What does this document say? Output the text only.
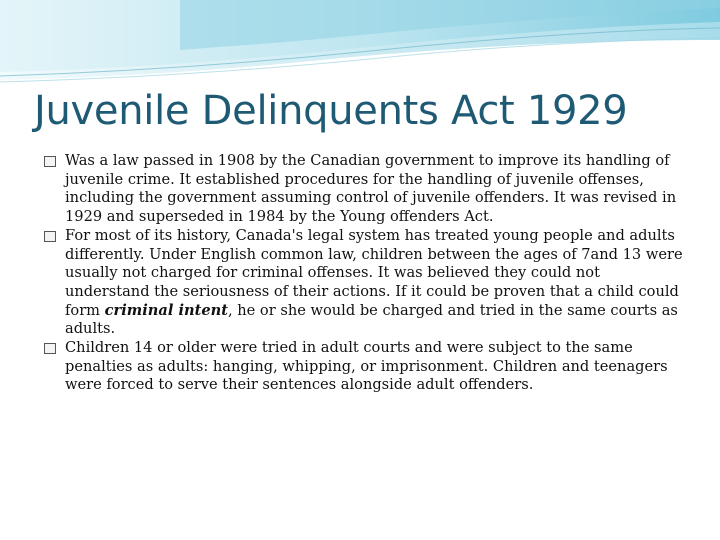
Juvenile Delinquents Act 1929
Was a law passed in 1908 by the Canadian government to improve its handling of juvenile crime. It established procedures for the handling of juvenile offenses, including the government assuming control of juvenile offenders. It was revised in 1929 and superseded in 1984 by the Young offenders Act.
For most of its history, Canada's legal system has treated young people and adults differently. Under English common law, children between the ages of 7and 13 were usually not charged for criminal offenses. It was believed they could not understand the seriousness of their actions. If it could be proven that a child could form criminal intent, he or she would be charged and tried in the same courts as adults.
Children 14 or older were tried in adult courts and were subject to the same penalties as adults: hanging, whipping, or imprisonment. Children and teenagers were forced to serve their sentences alongside adult offenders.
